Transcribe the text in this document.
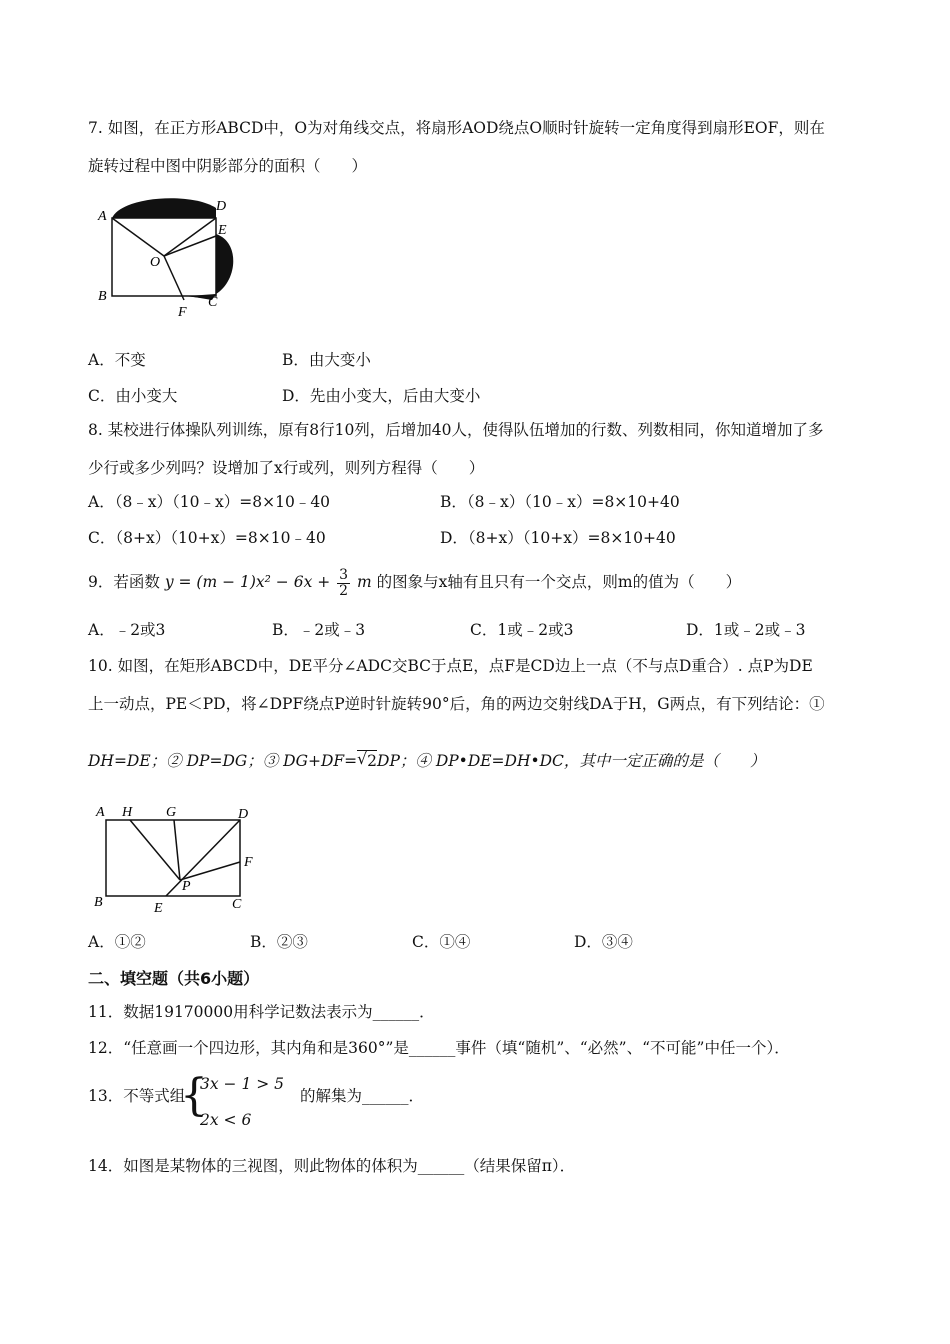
7. 如图，在正方形ABCD中，O为对角线交点，将扇形AOD绕点O顺时针旋转一定角度得到扇形EOF，则在
旋转过程中图中阴影部分的面积（　　）
A
D
E
O
B
F
C
A．不变	B．由大变小
C．由小变大	D．先由小变大，后由大变小
8. 某校进行体操队列训练，原有8行10列，后增加40人，使得队伍增加的行数、列数相同，你知道增加了多
少行或多少列吗？设增加了x行或列，则列方程得（　　）
A．（8﹣x）（10﹣x）=8×10﹣40	B．（8﹣x）（10﹣x）=8×10+40
C．（8+x）（10+x）=8×10﹣40	D．（8+x）（10+x）=8×10+40
9．若函数 $y = (m - 1)x^2 - 6x + \frac{3}{2}$ m 的图象与x轴有且只有一个交点，则m的值为（　　）
A．﹣2或3	B．﹣2或﹣3	C．1或﹣2或3	D．1或﹣2或﹣3
10. 如图，在矩形ABCD中，DE平分∠ADC交BC于点E，点F是CD边上一点（不与点D重合）. 点P为DE
上一动点，PE＜PD，将∠DPF绕点P逆时针旋转90°后，角的两边交射线DA于H，G两点，有下列结论：①
DH=DE；② DP=DG；③ DG+DF= √ 2DP；④ DP•DE=DH•DC，其中一定正确的是（　　）
A H G	D
F
P
B	E	C
A．①②	B．②③	C．①④	D．③④
二、填空题（共6小题）
11．数据19170000用科学记数法表示为______．
12．“任意画一个四边形，其内角和是360°”是______事件（填“随机”、“必然”、“不可能”中任一个）．
13．不等式组
{
3x − 1 > 5
2x < 6
的解集为______．
14．如图是某物体的三视图，则此物体的体积为______（结果保留π）．
